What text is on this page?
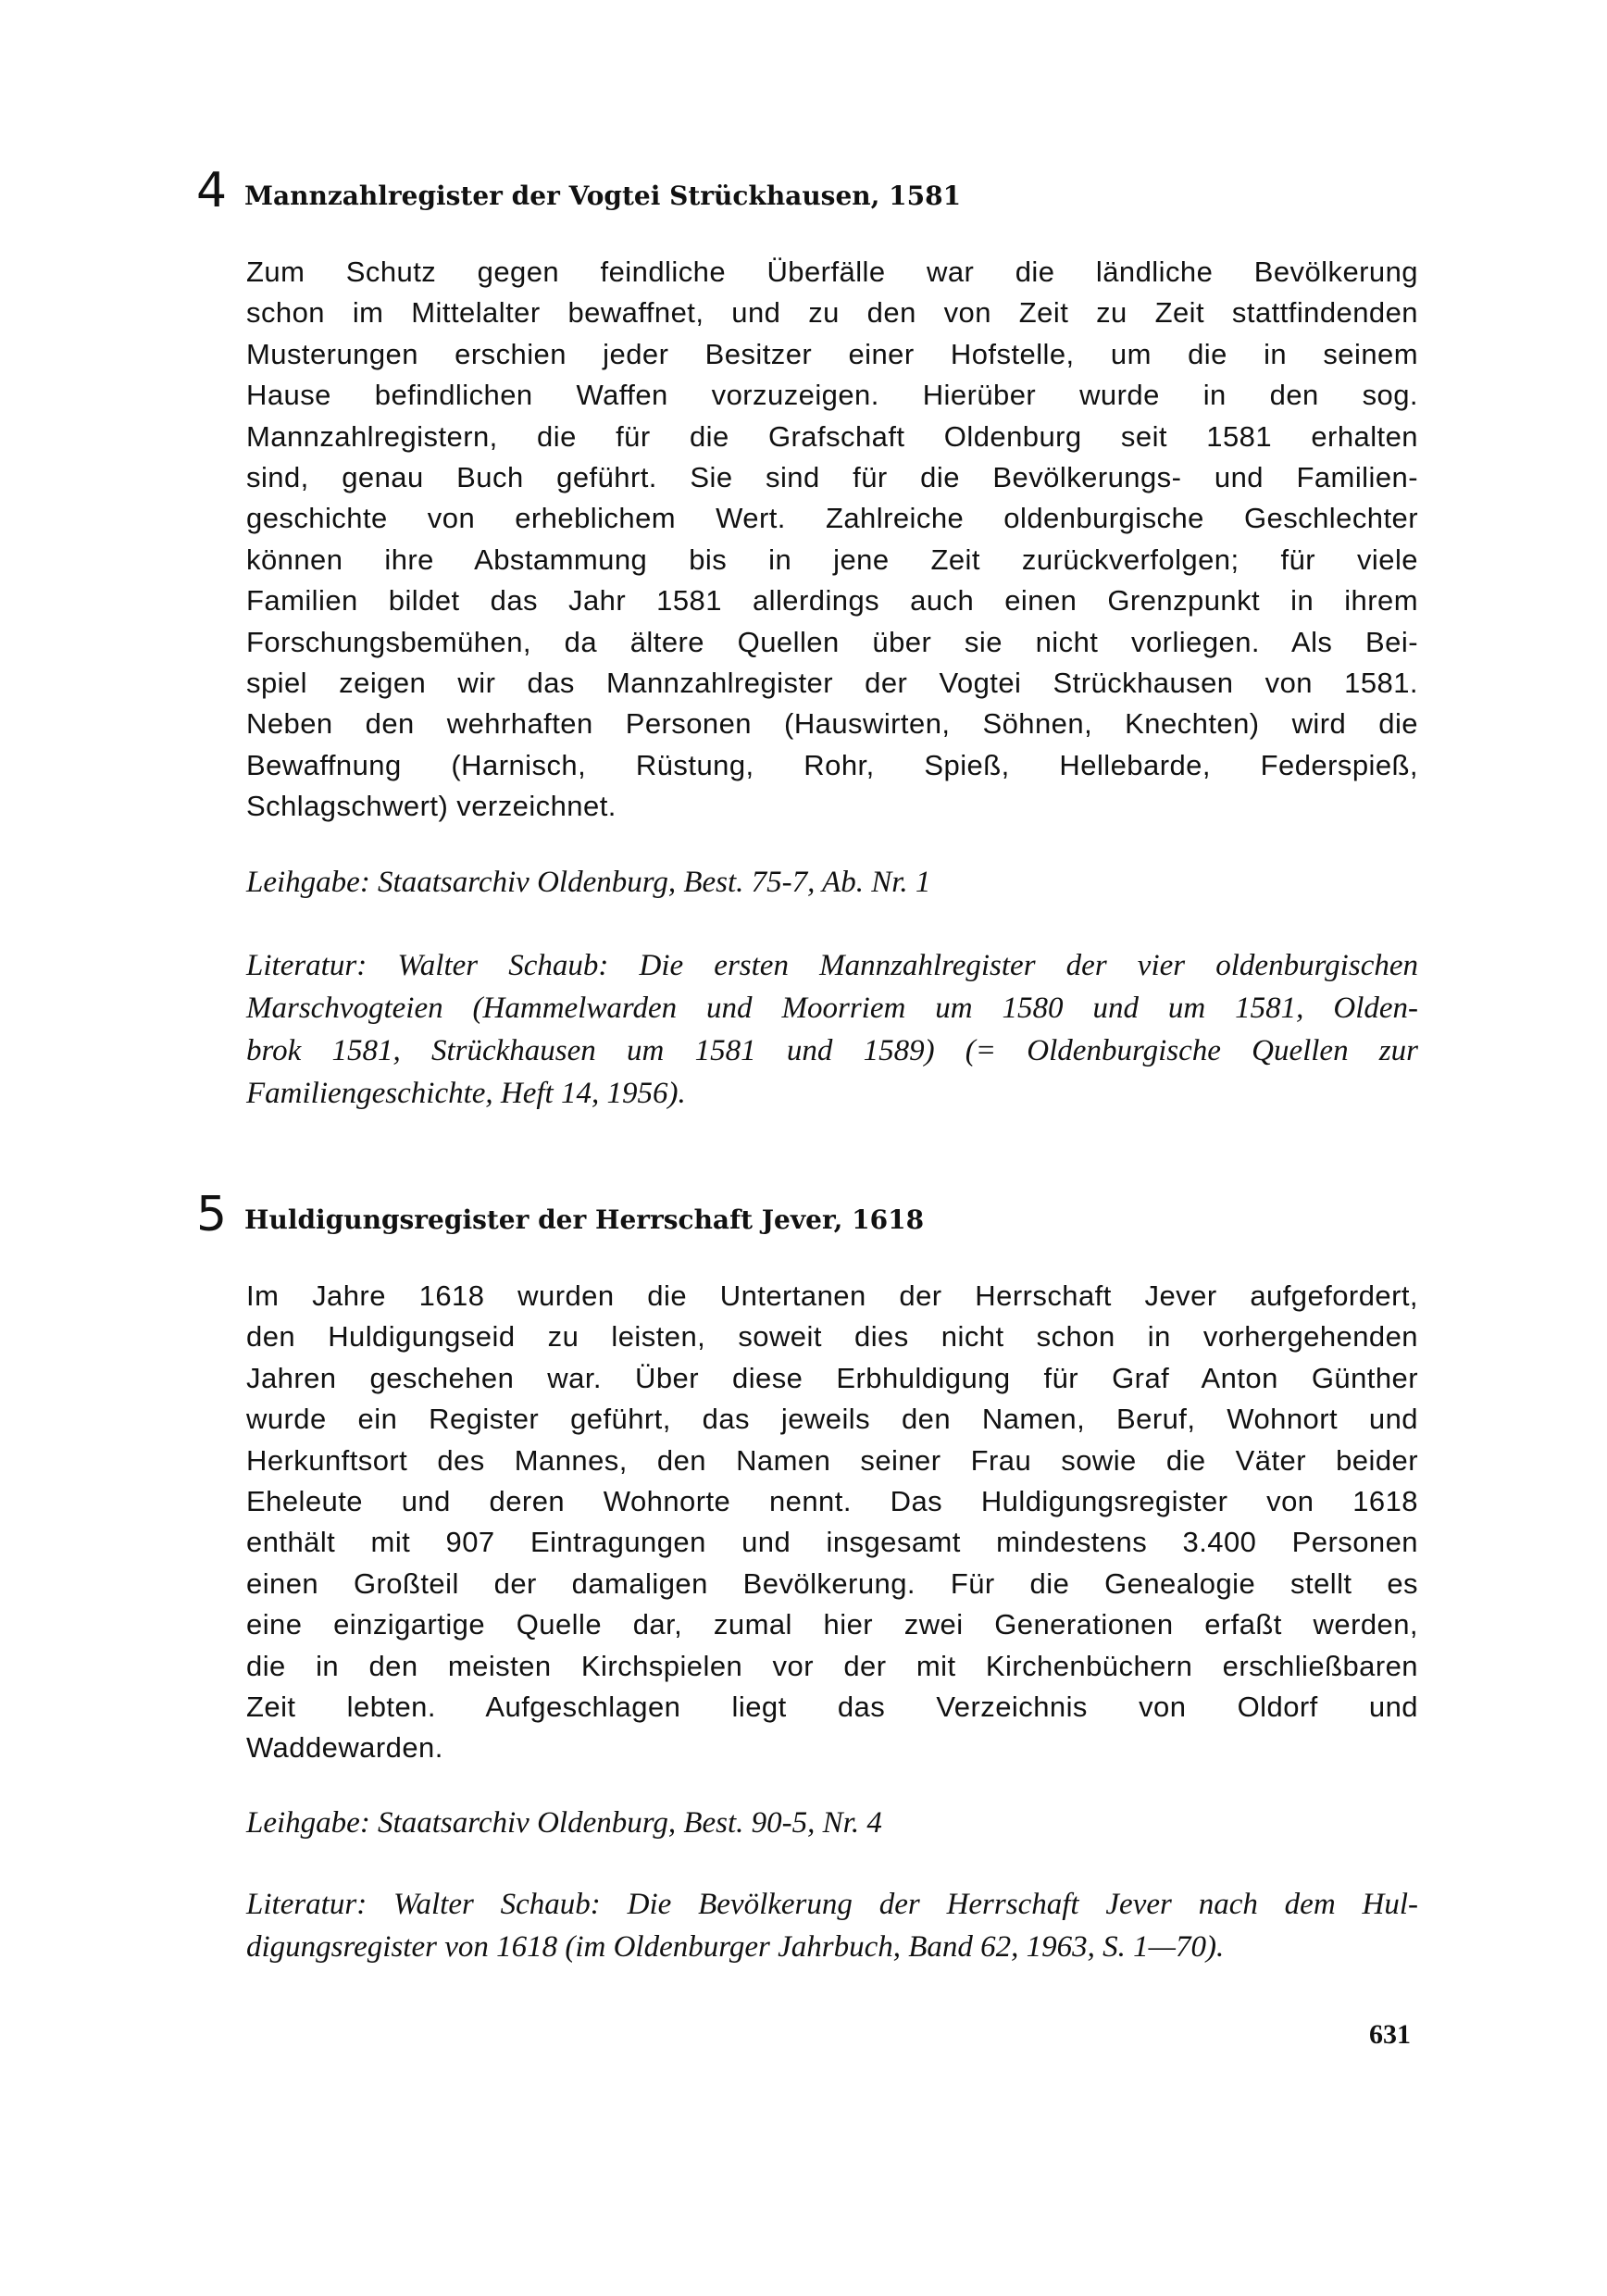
4 Mannzahlregister der Vogtei Strückhausen, 1581
Zum Schutz gegen feindliche Überfälle war die ländliche Bevölkerung
schon im Mittelalter bewaffnet, und zu den von Zeit zu Zeit stattfindenden
Musterungen erschien jeder Besitzer einer Hofstelle, um die in seinem
Hause befindlichen Waffen vorzuzeigen. Hierüber wurde in den sog.
Mannzahlregistern, die für die Grafschaft Oldenburg seit 1581 erhalten
sind, genau Buch geführt. Sie sind für die Bevölkerungs- und Familien-
geschichte von erheblichem Wert. Zahlreiche oldenburgische Geschlechter
können ihre Abstammung bis in jene Zeit zurückverfolgen; für viele
Familien bildet das Jahr 1581 allerdings auch einen Grenzpunkt in ihrem
Forschungsbemühen, da ältere Quellen über sie nicht vorliegen. Als Bei-
spiel zeigen wir das Mannzahlregister der Vogtei Strückhausen von 1581.
Neben den wehrhaften Personen (Hauswirten, Söhnen, Knechten) wird die
Bewaffnung (Harnisch, Rüstung, Rohr, Spieß, Hellebarde, Federspieß,
Schlagschwert) verzeichnet.
Leihgabe: Staatsarchiv Oldenburg, Best. 75-7, Ab. Nr. 1
Literatur: Walter Schaub: Die ersten Mannzahlregister der vier oldenburgischen
Marschvogteien (Hammelwarden und Moorriem um 1580 und um 1581, Olden-
brok 1581, Strückhausen um 1581 und 1589) (= Oldenburgische Quellen zur
Familiengeschichte, Heft 14, 1956).
5 Huldigungsregister der Herrschaft Jever, 1618
Im Jahre 1618 wurden die Untertanen der Herrschaft Jever aufgefordert,
den Huldigungseid zu leisten, soweit dies nicht schon in vorhergehenden
Jahren geschehen war. Über diese Erbhuldigung für Graf Anton Günther
wurde ein Register geführt, das jeweils den Namen, Beruf, Wohnort und
Herkunftsort des Mannes, den Namen seiner Frau sowie die Väter beider
Eheleute und deren Wohnorte nennt. Das Huldigungsregister von 1618
enthält mit 907 Eintragungen und insgesamt mindestens 3.400 Personen
einen Großteil der damaligen Bevölkerung. Für die Genealogie stellt es
eine einzigartige Quelle dar, zumal hier zwei Generationen erfaßt werden,
die in den meisten Kirchspielen vor der mit Kirchenbüchern erschließbaren
Zeit lebten. Aufgeschlagen liegt das Verzeichnis von Oldorf und
Waddewarden.
Leihgabe: Staatsarchiv Oldenburg, Best. 90-5, Nr. 4
Literatur: Walter Schaub: Die Bevölkerung der Herrschaft Jever nach dem Hul-
digungsregister von 1618 (im Oldenburger Jahrbuch, Band 62, 1963, S. 1—70).
631
